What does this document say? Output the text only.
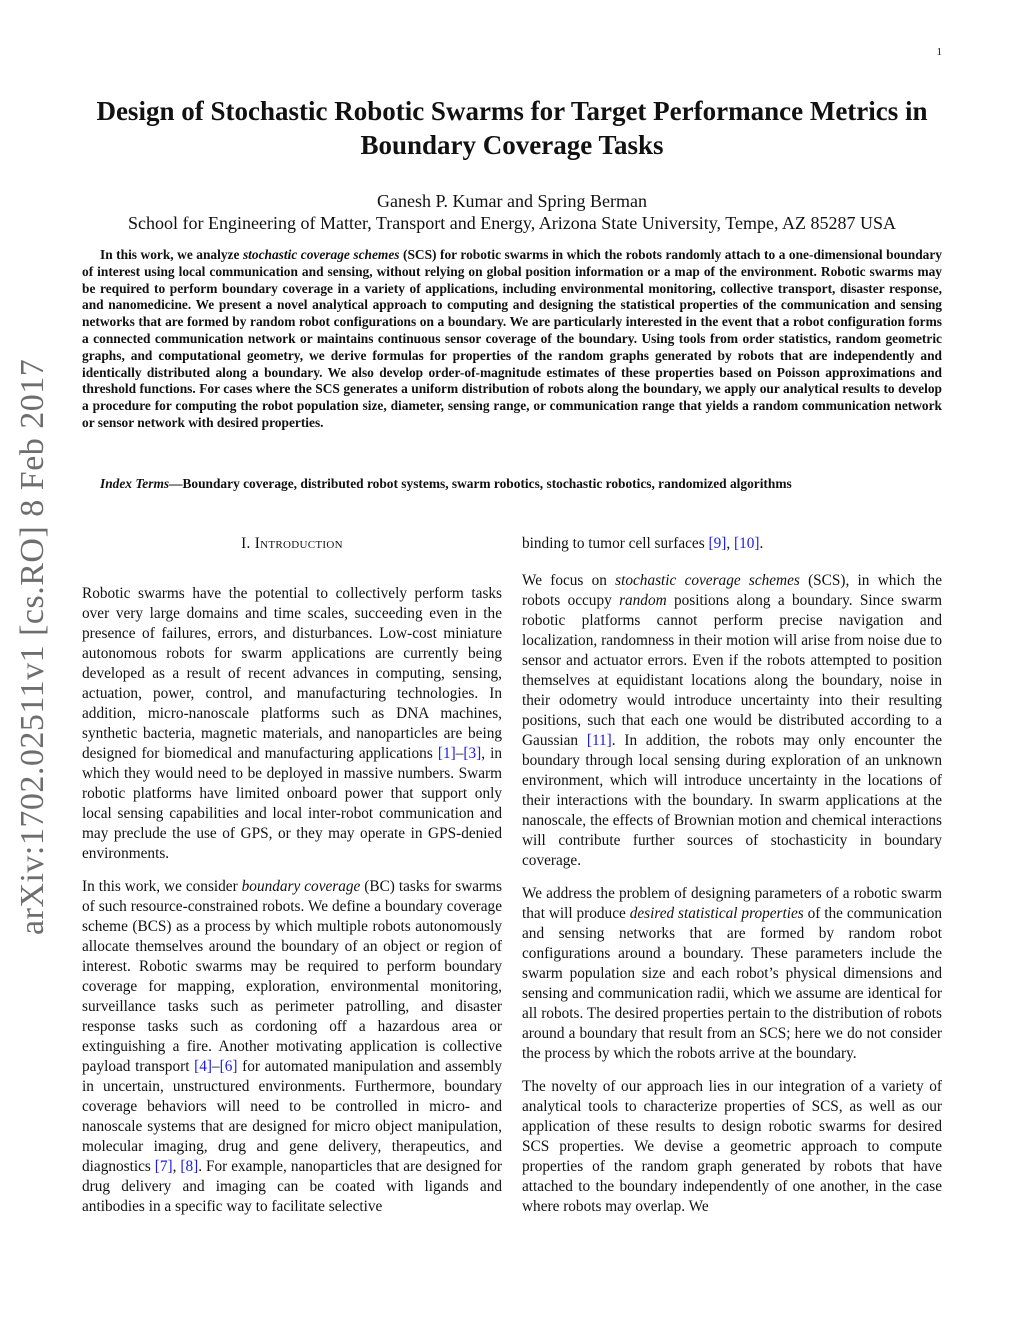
1
arXiv:1702.02511v1 [cs.RO] 8 Feb 2017
Design of Stochastic Robotic Swarms for Target Performance Metrics in Boundary Coverage Tasks
Ganesh P. Kumar and Spring Berman
School for Engineering of Matter, Transport and Energy, Arizona State University, Tempe, AZ 85287 USA

In this work, we analyze stochastic coverage schemes (SCS) for robotic swarms in which the robots randomly attach to a one-dimensional boundary of interest using local communication and sensing, without relying on global position information or a map of the environment. Robotic swarms may be required to perform boundary coverage in a variety of applications, including environmental monitoring, collective transport, disaster response, and nanomedicine. We present a novel analytical approach to computing and designing the statistical properties of the communication and sensing networks that are formed by random robot configurations on a boundary. We are particularly interested in the event that a robot configuration forms a connected communication network or maintains continuous sensor coverage of the boundary. Using tools from order statistics, random geometric graphs, and computational geometry, we derive formulas for properties of the random graphs generated by robots that are independently and identically distributed along a boundary. We also develop order-of-magnitude estimates of these properties based on Poisson approximations and threshold functions. For cases where the SCS generates a uniform distribution of robots along the boundary, we apply our analytical results to develop a procedure for computing the robot population size, diameter, sensing range, or communication range that yields a random communication network or sensor network with desired properties.

Index Terms—Boundary coverage, distributed robot systems, swarm robotics, stochastic robotics, randomized algorithms

I. Introduction

Robotic swarms have the potential to collectively perform tasks over very large domains and time scales, succeeding even in the presence of failures, errors, and disturbances. Low-cost miniature autonomous robots for swarm applications are currently being developed as a result of recent advances in computing, sensing, actuation, power, control, and manufacturing technologies. In addition, micro-nanoscale platforms such as DNA machines, synthetic bacteria, magnetic materials, and nanoparticles are being designed for biomedical and manufacturing applications [1]–[3], in which they would need to be deployed in massive numbers. Swarm robotic platforms have limited onboard power that support only local sensing capabilities and local inter-robot communication and may preclude the use of GPS, or they may operate in GPS-denied environments.

In this work, we consider boundary coverage (BC) tasks for swarms of such resource-constrained robots. We define a boundary coverage scheme (BCS) as a process by which multiple robots autonomously allocate themselves around the boundary of an object or region of interest. Robotic swarms may be required to perform boundary coverage for mapping, exploration, environmental monitoring, surveillance tasks such as perimeter patrolling, and disaster response tasks such as cordoning off a hazardous area or extinguishing a fire. Another motivating application is collective payload transport [4]–[6] for automated manipulation and assembly in uncertain, unstructured environments. Furthermore, boundary coverage behaviors will need to be controlled in micro- and nanoscale systems that are designed for micro object manipulation, molecular imaging, drug and gene delivery, therapeutics, and diagnostics [7], [8]. For example, nanoparticles that are designed for drug delivery and imaging can be coated with ligands and antibodies in a specific way to facilitate selective

binding to tumor cell surfaces [9], [10].

We focus on stochastic coverage schemes (SCS), in which the robots occupy random positions along a boundary. Since swarm robotic platforms cannot perform precise navigation and localization, randomness in their motion will arise from noise due to sensor and actuator errors. Even if the robots attempted to position themselves at equidistant locations along the boundary, noise in their odometry would introduce uncertainty into their resulting positions, such that each one would be distributed according to a Gaussian [11]. In addition, the robots may only encounter the boundary through local sensing during exploration of an unknown environment, which will introduce uncertainty in the locations of their interactions with the boundary. In swarm applications at the nanoscale, the effects of Brownian motion and chemical interactions will contribute further sources of stochasticity in boundary coverage.

We address the problem of designing parameters of a robotic swarm that will produce desired statistical properties of the communication and sensing networks that are formed by random robot configurations around a boundary. These parameters include the swarm population size and each robot’s physical dimensions and sensing and communication radii, which we assume are identical for all robots. The desired properties pertain to the distribution of robots around a boundary that result from an SCS; here we do not consider the process by which the robots arrive at the boundary.

The novelty of our approach lies in our integration of a variety of analytical tools to characterize properties of SCS, as well as our application of these results to design robotic swarms for desired SCS properties. We devise a geometric approach to compute properties of the random graph generated by robots that have attached to the boundary independently of one another, in the case where robots may overlap. We
